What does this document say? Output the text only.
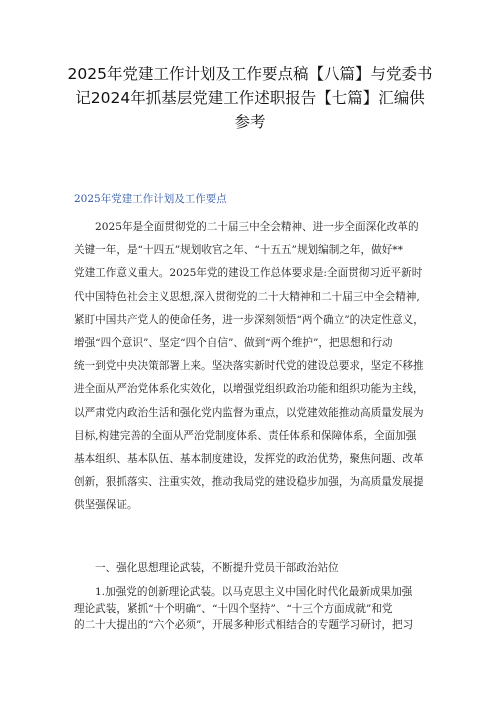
2025年党建工作计划及工作要点稿【八篇】与党委书
记2024年抓基层党建工作述职报告【七篇】汇编供
参考
2025年党建工作计划及工作要点
2025年是全面贯彻党的二十届三中全会精神、进一步全面深化改革的
关键一年，是“十四五”规划收官之年、“十五五”规划编制之年，做好**
党建工作意义重大。2025年党的建设工作总体要求是:全面贯彻习近平新时
代中国特色社会主义思想,深入贯彻党的二十大精神和二十届三中全会精神,
紧盯中国共产党人的使命任务，进一步深刻领悟“两个确立”的决定性意义，
增强“四个意识”、坚定“四个自信”、做到“两个维护”，把思想和行动
统一到党中央决策部署上来。坚决落实新时代党的建设总要求，坚定不移推
进全面从严治党体系化实效化，以增强党组织政治功能和组织功能为主线，
以严肃党内政治生活和强化党内监督为重点，以党建效能推动高质量发展为
目标,构建完善的全面从严治党制度体系、责任体系和保障体系，全面加强
基本组织、基本队伍、基本制度建设，发挥党的政治优势，聚焦问题、改革
创新，狠抓落实、注重实效，推动我局党的建设稳步加强，为高质量发展提
供坚强保证。
一、强化思想理论武装，不断提升党员干部政治站位
1.加强党的创新理论武装。以马克思主义中国化时代化最新成果加强
理论武装，紧抓“十个明确”、“十四个坚持”、“十三个方面成就”和党
的二十大提出的“六个必须”，开展多种形式相结合的专题学习研讨，把习
